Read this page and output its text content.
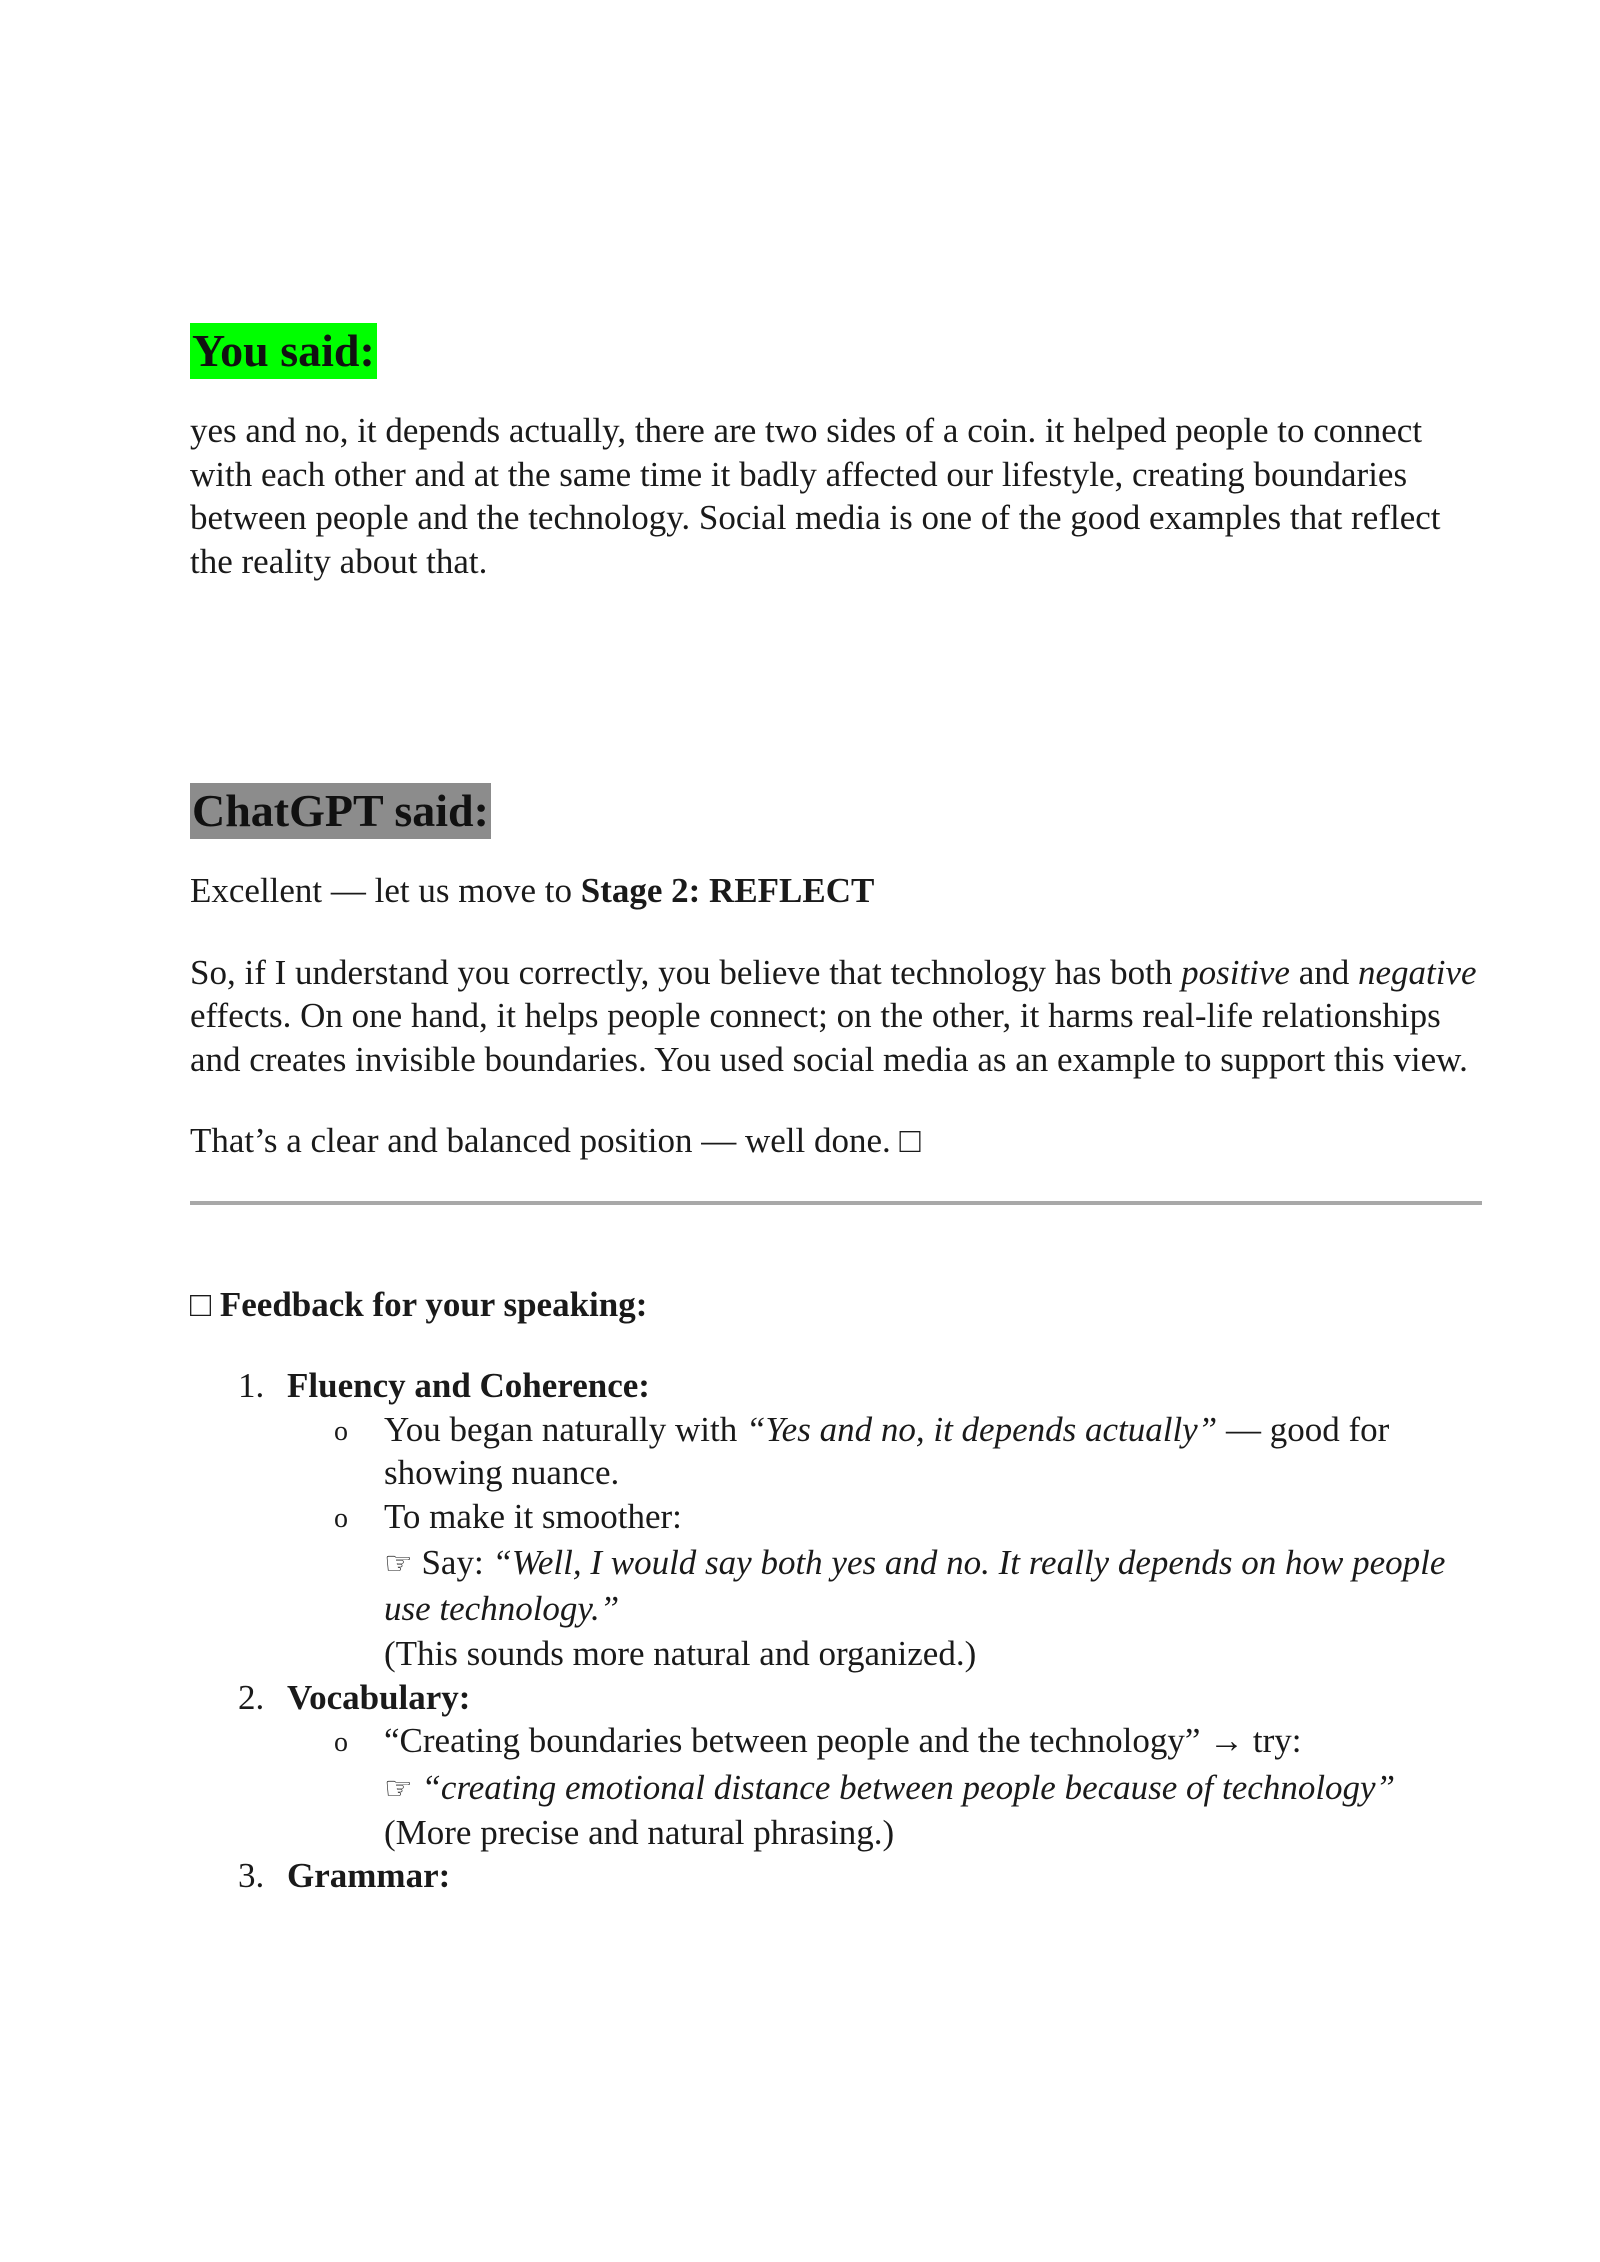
You said:

yes and no, it depends actually, there are two sides of a coin. it helped people to connect with each other and at the same time it badly affected our lifestyle, creating boundaries between people and the technology. Social media is one of the good examples that reflect the reality about that.

ChatGPT said:

Excellent — let us move to Stage 2: REFLECT

So, if I understand you correctly, you believe that technology has both positive and negative effects. On one hand, it helps people connect; on the other, it harms real-life relationships and creates invisible boundaries. You used social media as an example to support this view.

That’s a clear and balanced position — well done. □

□ Feedback for your speaking:

1. Fluency and Coherence:
o You began naturally with “Yes and no, it depends actually” — good for showing nuance.
o To make it smoother:
☞ Say: “Well, I would say both yes and no. It really depends on how people use technology.”
(This sounds more natural and organized.)
2. Vocabulary:
o “Creating boundaries between people and the technology” → try:
☞ “creating emotional distance between people because of technology”
(More precise and natural phrasing.)
3. Grammar:
